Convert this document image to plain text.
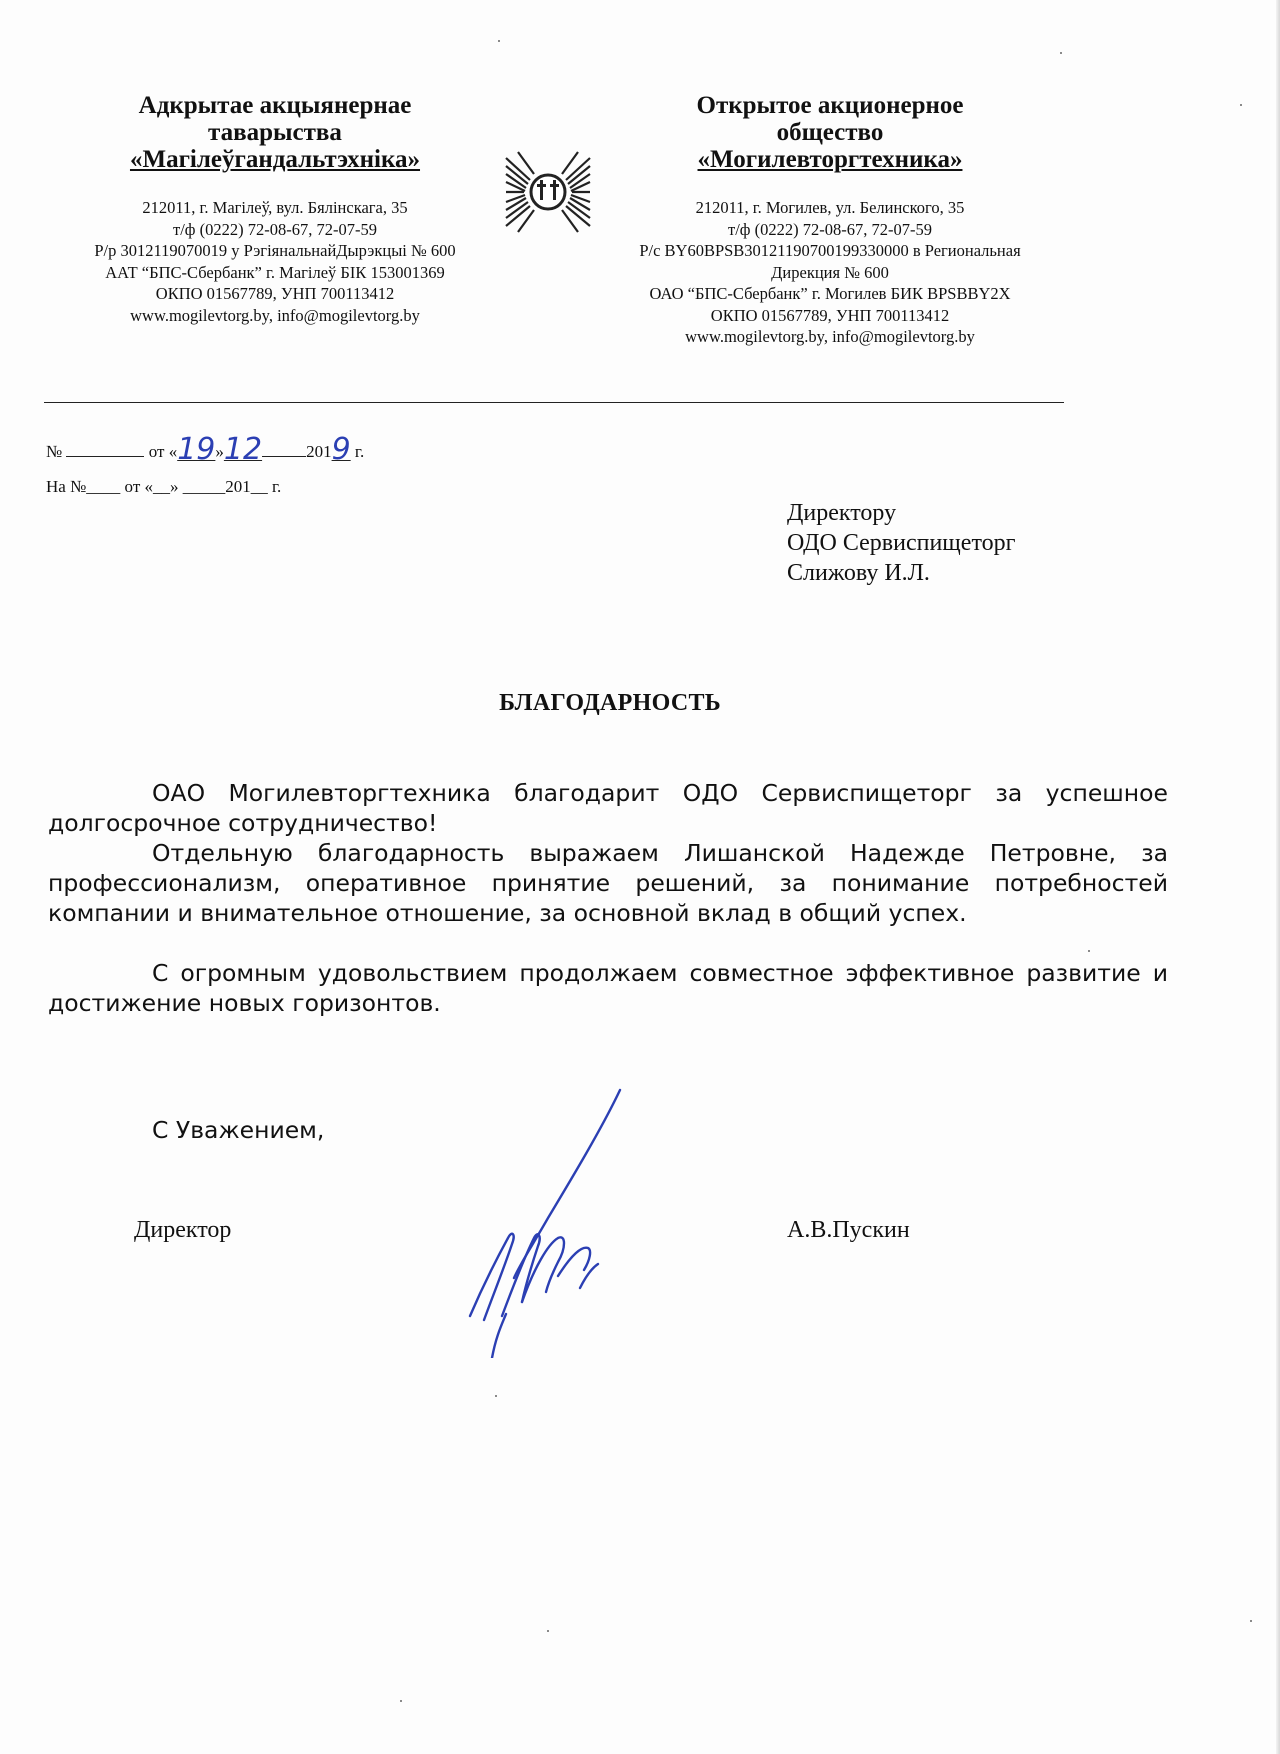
Адкрытае акцыянернае
таварыства
«Магілеўгандальтэхніка»
212011, г. Магілеў, вул. Бялінскага, 35
т/ф (0222) 72-08-67, 72-07-59
Р/р 3012119070019 у РэгіянальнайДырэкцыі № 600
ААТ “БПС-Сбербанк” г. Магілеў БІК 153001369
ОКПО 01567789, УНП 700113412
www.mogilevtorg.by, info@mogilevtorg.by
Открытое акционерное
общество
«Могилевторгтехника»
212011, г. Могилев, ул. Белинского, 35
т/ф (0222) 72-08-67, 72-07-59
Р/с BY60BPSB30121190700199330000 в Региональная
Дирекция № 600
ОАО “БПС-Сбербанк” г. Могилев БИК BPSBBY2X
ОКПО 01567789, УНП 700113412
www.mogilevtorg.by, info@mogilevtorg.by
№	от «19»12	2019 г.
На №____ от «__» _____201__ г.
Директору
ОДО Сервиспищеторг
Слижову И.Л.
БЛАГОДАРНОСТЬ

ОАО Могилевторгтехника благодарит ОДО Сервиспищеторг за успешное долгосрочное сотрудничество!

Отдельную благодарность выражаем Лишанской Надежде Петровне, за профессионализм, оперативное принятие решений, за понимание потребностей компании и внимательное отношение, за основной вклад в общий успех.

С огромным удовольствием продолжаем совместное эффективное развитие и достижение новых горизонтов.

С Уважением,
Директор	А.В.Пускин
